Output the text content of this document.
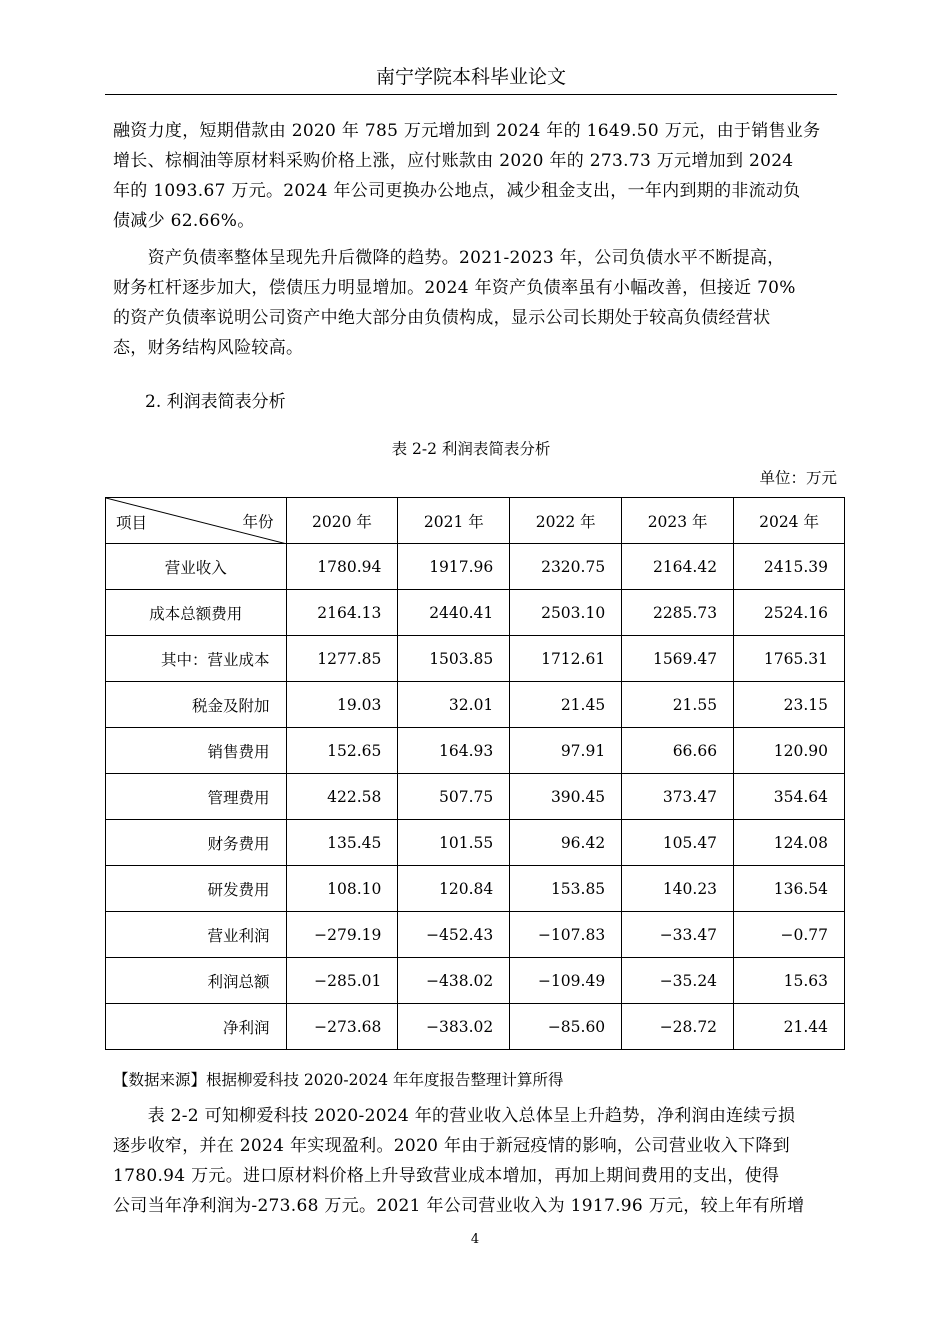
南宁学院本科毕业论文

融资力度，短期借款由 2020 年 785 万元增加到 2024 年的 1649.50 万元，由于销售业务
增长、棕榈油等原材料采购价格上涨，应付账款由 2020 年的 273.73 万元增加到 2024
年的 1093.67 万元。2024 年公司更换办公地点，减少租金支出，一年内到期的非流动负
债减少 62.66%。

　　资产负债率整体呈现先升后微降的趋势。2021-2023 年，公司负债水平不断提高，
财务杠杆逐步加大，偿债压力明显增加。2024 年资产负债率虽有小幅改善，但接近 70%
的资产负债率说明公司资产中绝大部分由负债构成，显示公司长期处于较高负债经营状
态，财务结构风险较高。

2. 利润表简表分析
表 2-2 利润表简表分析
单位：万元
项目 年份	2020 年	2021 年	2022 年	2023 年	2024 年
营业收入	1780.94	1917.96	2320.75	2164.42	2415.39
成本总额费用	2164.13	2440.41	2503.10	2285.73	2524.16
其中：营业成本	1277.85	1503.85	1712.61	1569.47	1765.31
税金及附加	19.03	32.01	21.45	21.55	23.15
销售费用	152.65	164.93	97.91	66.66	120.90
管理费用	422.58	507.75	390.45	373.47	354.64
财务费用	135.45	101.55	96.42	105.47	124.08
研发费用	108.10	120.84	153.85	140.23	136.54
营业利润	−279.19	−452.43	−107.83	−33.47	−0.77
利润总额	−285.01	−438.02	−109.49	−35.24	15.63
净利润	−273.68	−383.02	−85.60	−28.72	21.44
【数据来源】根据柳爱科技 2020-2024 年年度报告整理计算所得

　　表 2-2 可知柳爱科技 2020-2024 年的营业收入总体呈上升趋势，净利润由连续亏损
逐步收窄，并在 2024 年实现盈利。2020 年由于新冠疫情的影响，公司营业收入下降到
1780.94 万元。进口原材料价格上升导致营业成本增加，再加上期间费用的支出，使得
公司当年净利润为-273.68 万元。2021 年公司营业收入为 1917.96 万元，较上年有所增

4
